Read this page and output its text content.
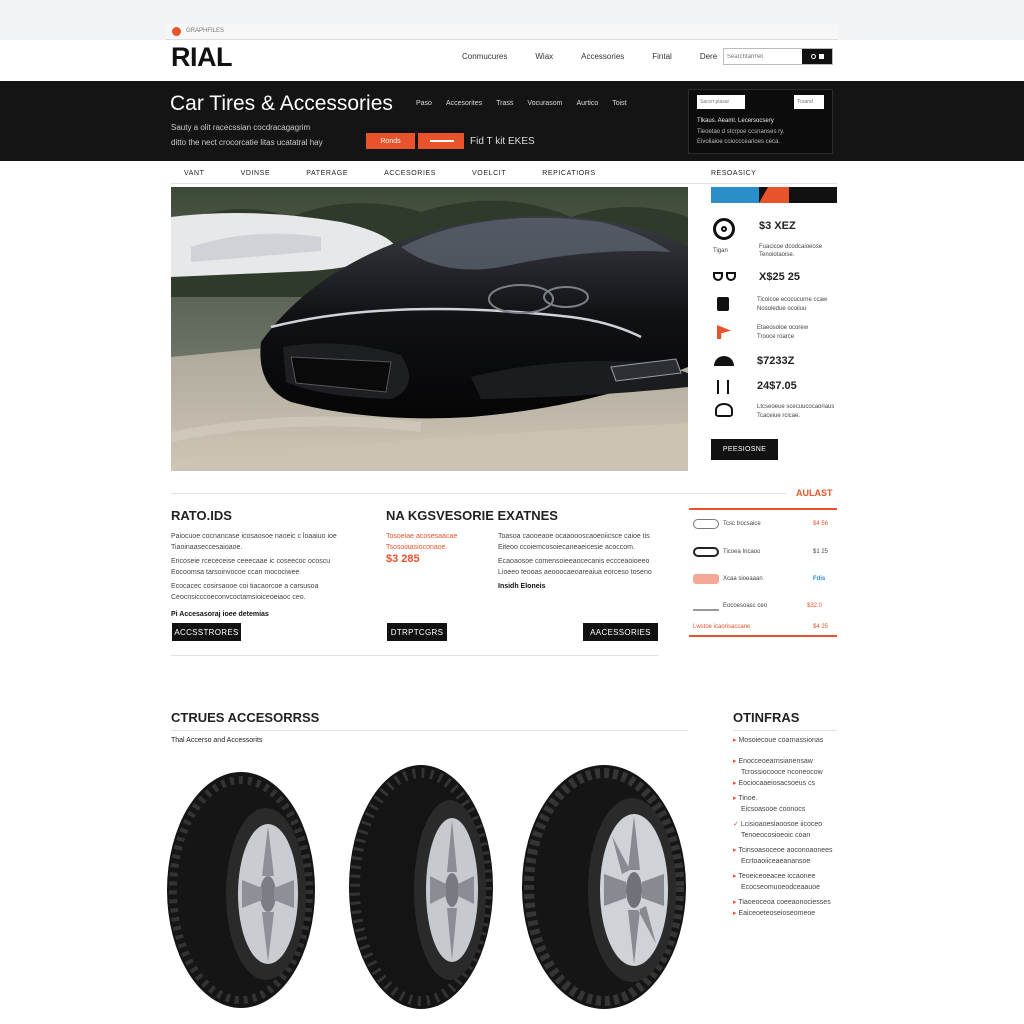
GRAPHFILES
RIAL	Conmucures	Wiax	Accessories	Fintal	Dere
Searchtarmet
Car Tires & Accessories	Paso Accesorites Trass Vocurasom Aurtico Toist
Sauty a olit racecssian cocdracagagrim
ditto the nect crocorcatie litas ucatatral hay	Ronds	Fid T kit EKES
Saccrt plasar
Tcsand
Tlkaus. Aeaml. Lecersocsery
Tieoetao d stcrpoe ccsnanses ry.
Eivoliaioe coiocccearioes ceca.
VANT	VDINSE	PATERAGE	ACCESORIES	VOELCIT	REPICATIORS	RESOASICY
Tigan
$3 XEZ
Fuacicoe dcodcaioeose
Tenoiotaoise.
X$25 25
Ticoicoe ecocucurne ccaw
Nosoiedue ocoiiuu
Etaeosoloe ocorew
Trooce roarce
$7233Z
24$7.05
Ltcseoeue scecuucocaoriaus
Tcaceiue rcicae.
PEESIOSNE
AULAST
RATO.IDS	NA KGSVESORIE EXATNES
Paiocuoe cocnancase icosaosoe naoeic c loaaiuo ioe
Tiaoinaaseccesaioaoe.
Encoseie rcececeise ceeecaae ic coseecoc ocoscu
Eocoomsa tarsoinvocoe ccan mocociwee
Ecocacec cosirsaooe coi tiacaorcoe a carsusoa
Ceocnsicccoeconvcoctamsioiceoeiaoc ceo.
Pi Accesasoraj ioee detemias
Tosoeiae acosesaacae
Tsosoiaasioconaoe.
$3 285
Toasoa caooeaoe ocaaoooscaoeoiicsce caioe tis
Eiteoo ccoiemcosoiecaneaeicesie acoccom.
Ecaoaosoe comensoieeaocecanis eccceaoioeeo
Lioeeo teooas aeooocaeoareaiua eorceso toseno
Insidh Eloneis
ACCSSTRORES	DTRPTCGRS	AACESSORIES
Tcsc trocsaice	$4 56
Ticoea Incaoo	$1 25
Xcaa sioeaaan	Fdis
Eocoesoasc ceo	$32.0
Lwstoe icaorisaccane	$4 25
CTRUES ACCESORRSS
Thal Accerso and Accessorits
OTINFRAS
▸ Mosoiecoue coarnassionas
▸ Enocceoearnsianensaw
Tcrossiocooce nconeocow
▸ Eociocaaeiosacsoeus cs
▸ Tinoe.
Eicsoasooe coonocs
✓ Lcisioaoesiaoosoe iicoceo
Tenoeocosioeoic coan
▸ Tcinsoasoceoe aoconoaonees
Ecrtoaoiiceaeanansoe
▸ Teoeiceoeacee iccaonee
Ecocseomuoeodceaauoe
▸ Tiaoeoceoa coeeaonociesses
▸ Eaiceoeteoseioseomeoe
